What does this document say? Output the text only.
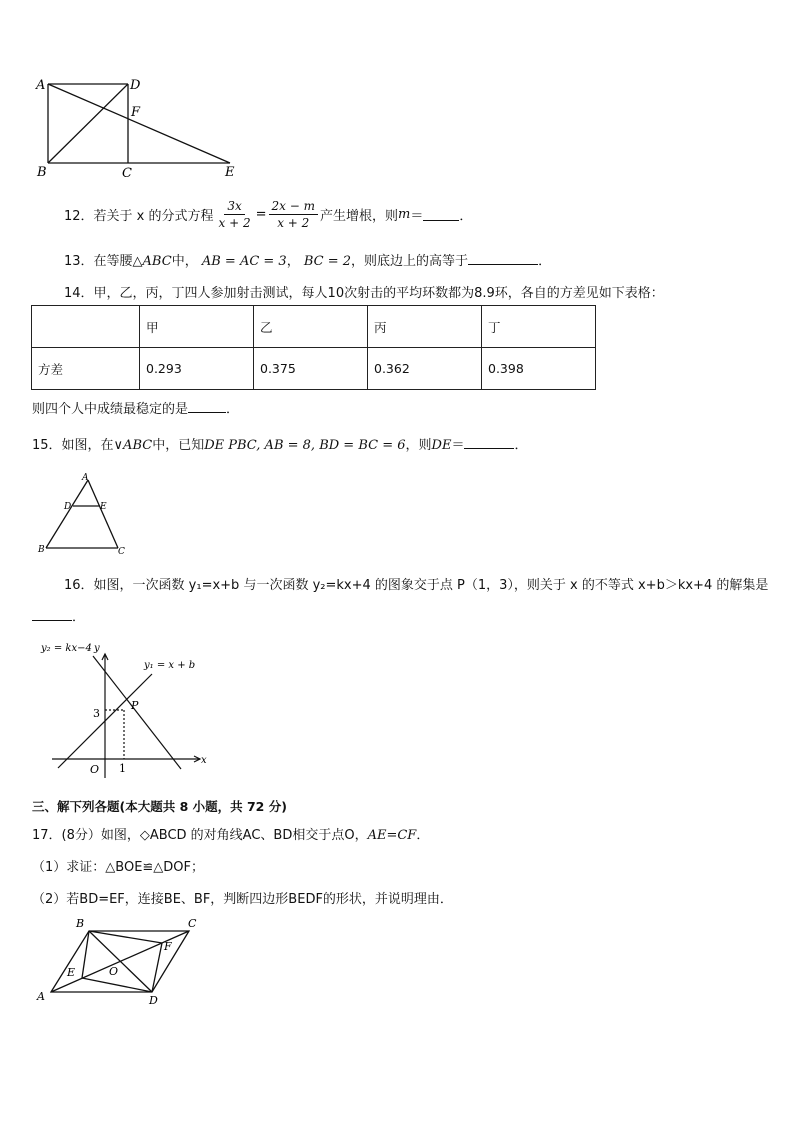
A	D
F
B	C	E
12．若关于 x 的分式方程 $\frac{3x}{x + 2} = \frac{2x - m}{x + 2}$ 产生增根，则 m ＝	．
13．在等腰△ABC中， AB = AC = 3， BC = 2，则底边上的高等于	．
14．甲，乙，丙，丁四人参加射击测试，每人10次射击的平均环数都为8.9环，各自的方差见如下表格：
	甲	乙	丙	丁
方差	0.293	0.375	0.362	0.398
则四个人中成绩最稳定的是	．
15．如图，在∨ABC中，已知DE PBC, AB = 8, BD = BC = 6，则DE＝	．
A
D	E
B	C
16．如图，一次函数 y₁=x+b 与一次函数 y₂=kx+4 的图象交于点 P（1，3），则关于 x 的不等式 x+b＞kx+4 的解集是
．
y₂ = kx−4 y
y₁ = x + b
P
3
O 1
x
三、解下列各题(本大题共 8 小题，共 72 分)
17．(8分）如图，◇ABCD 的对角线AC、BD相交于点O，AE=CF．
（1）求证：△BOE≌△DOF；
（2）若BD=EF，连接BE、BF，判断四边形BEDF的形状，并说明理由．
B	C
F
E	O
A	D
